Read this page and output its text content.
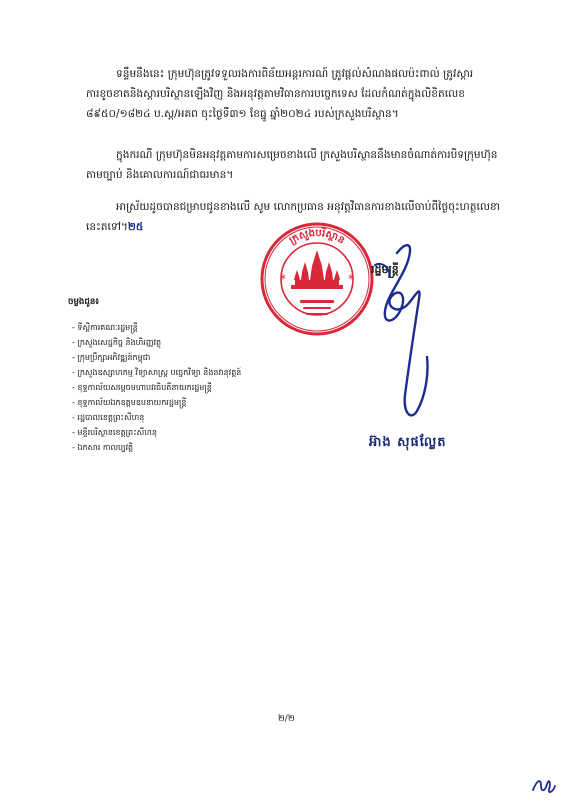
ទន្ទឹមនឹងនេះ ក្រុមហ៊ុនត្រូវទទួលរងការពិន័យអន្តរការណ៍ ត្រូវផ្ដល់សំណងផលប៉ះពាល់ ត្រូវស្ដារការខូចខាតនិងស្ដារបរិស្ថានឡើងវិញ និងអនុវត្តតាមវិធានការបច្ចេកទេស ដែលកំណត់ក្នុងលិខិតលេខ ៨៩៥០/១៨២៤ ប.ស្ត/អគព ចុះថ្ងៃទី៣១ ខែធ្នូ ឆ្នាំ២០២៤ របស់ក្រសួងបរិស្ថាន។

ក្នុងករណី ក្រុមហ៊ុនមិនអនុវត្តតាមការសម្រេចខាងលើ ក្រសួងបរិស្ថាននឹងមានចំណាត់ការបិទក្រុមហ៊ុនតាមច្បាប់ និងគោលការណ៍ជាធរមាន។

អាស្រ័យដូចបានជម្រាបជូនខាងលើ សូម លោកប្រធាន អនុវត្តវិធានការខាងលើចាប់ពីថ្ងៃចុះហត្ថលេខានេះតទៅ។២៥

ក្រសួងបរិស្ថាន
*	*
រដ្ឋមន្ត្រី
អ៊ាង សុផល្លែត
ចម្លងជូន៖
- ទីស្ដីការគណៈរដ្ឋមន្ត្រី
- ក្រសួងសេដ្ឋកិច្ច និងហិរញ្ញវត្ថុ
- ក្រុមប្រឹក្សាអភិវឌ្ឍន៍កម្ពុជា
- ក្រសួងឧស្សាហកម្ម វិទ្យាសាស្ត្រ បច្ចេកវិទ្យា និងនវានុវត្តន៍
- ខុទ្ទកាល័យសម្ដេចមហាបវរធិបតីនាយករដ្ឋមន្ត្រី
- ខុទ្ទកាល័យឯកឧត្តមឧបនាយករដ្ឋមន្ត្រី
- រដ្ឋបាលខេត្តព្រះសីហនុ
- មន្ទីរបរិស្ថានខេត្តព្រះសីហនុ
- ឯកសារ កាលប្បវត្តិ
២/២
